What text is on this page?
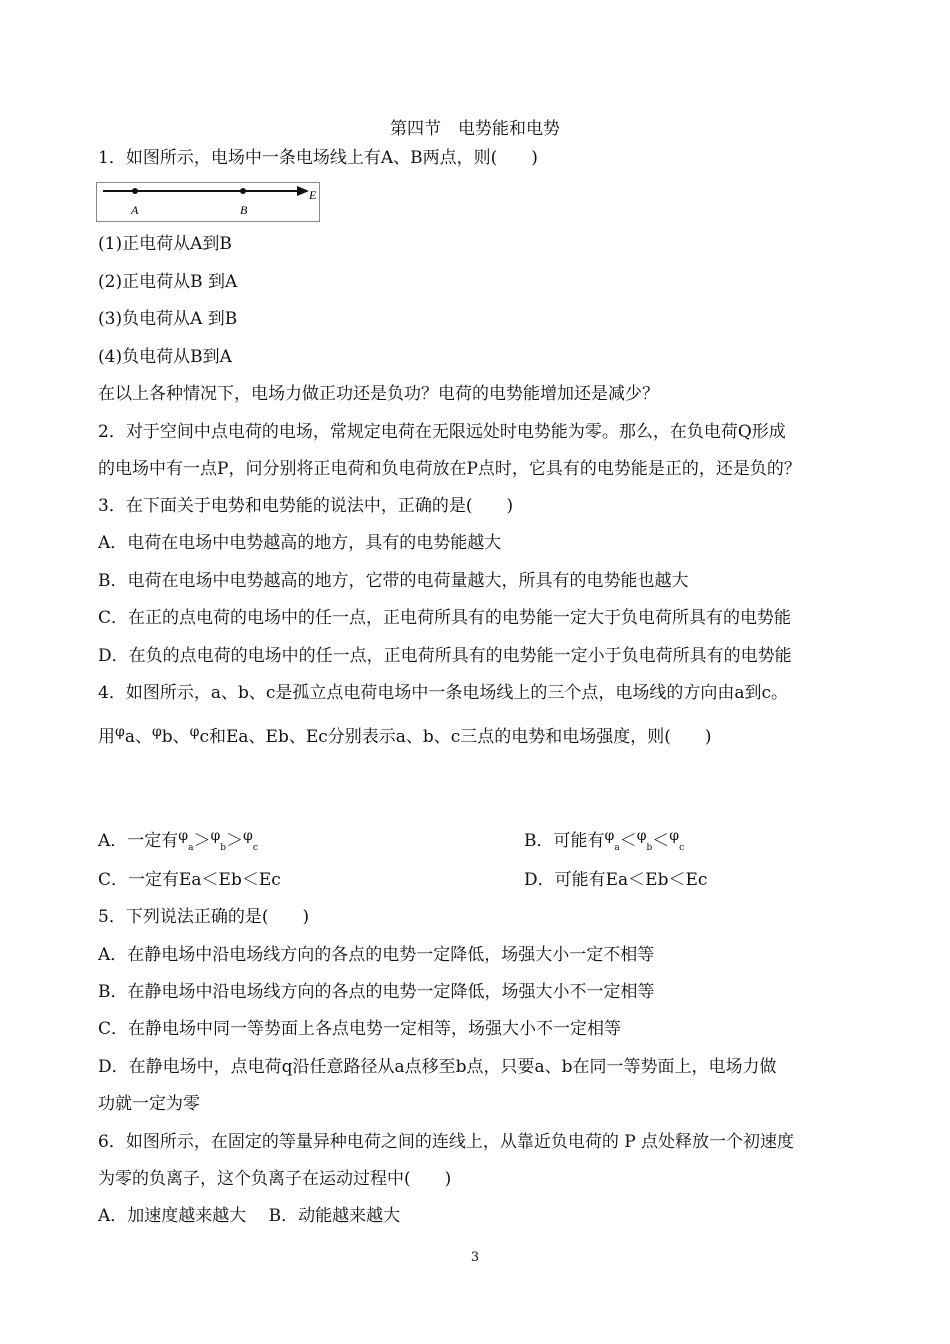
第四节　电势能和电势
1．如图所示，电场中一条电场线上有A、B两点，则(　　)
A	B
E
(1)正电荷从A到B
(2)正电荷从B 到A
(3)负电荷从A 到B
(4)负电荷从B到A
在以上各种情况下，电场力做正功还是负功？电荷的电势能增加还是减少？
2．对于空间中点电荷的电场，常规定电荷在无限远处时电势能为零。那么，在负电荷Q形成
的电场中有一点P，问分别将正电荷和负电荷放在P点时，它具有的电势能是正的，还是负的？
3．在下面关于电势和电势能的说法中，正确的是(　　)
A．电荷在电场中电势越高的地方，具有的电势能越大
B．电荷在电场中电势越高的地方，它带的电荷量越大，所具有的电势能也越大
C．在正的点电荷的电场中的任一点，正电荷所具有的电势能一定大于负电荷所具有的电势能
D．在负的点电荷的电场中的任一点，正电荷所具有的电势能一定小于负电荷所具有的电势能
4．如图所示，a、b、c是孤立点电荷电场中一条电场线上的三个点，电场线的方向由a到c。
用$^\varphi$a、$^\varphi$b、$^\varphi$c和Ea、Eb、Ec分别表示a、b、c三点的电势和电场强度，则(　　)
A．一定有$^\varphi_a$＞$^\varphi_b$＞$^\varphi_c$	B．可能有$^\varphi_a$＜$^\varphi_b$＜$^\varphi_c$
C．一定有Ea＜Eb＜Ec	D．可能有Ea＜Eb＜Ec
5．下列说法正确的是(　　)
A．在静电场中沿电场线方向的各点的电势一定降低，场强大小一定不相等
B．在静电场中沿电场线方向的各点的电势一定降低，场强大小不一定相等
C．在静电场中同一等势面上各点电势一定相等，场强大小不一定相等
D．在静电场中，点电荷q沿任意路径从a点移至b点，只要a、b在同一等势面上，电场力做
功就一定为零
6．如图所示，在固定的等量异种电荷之间的连线上，从靠近负电荷的 P 点处释放一个初速度
为零的负离子，这个负离子在运动过程中(　　)
A．加速度越来越大　 B．动能越来越大
3
